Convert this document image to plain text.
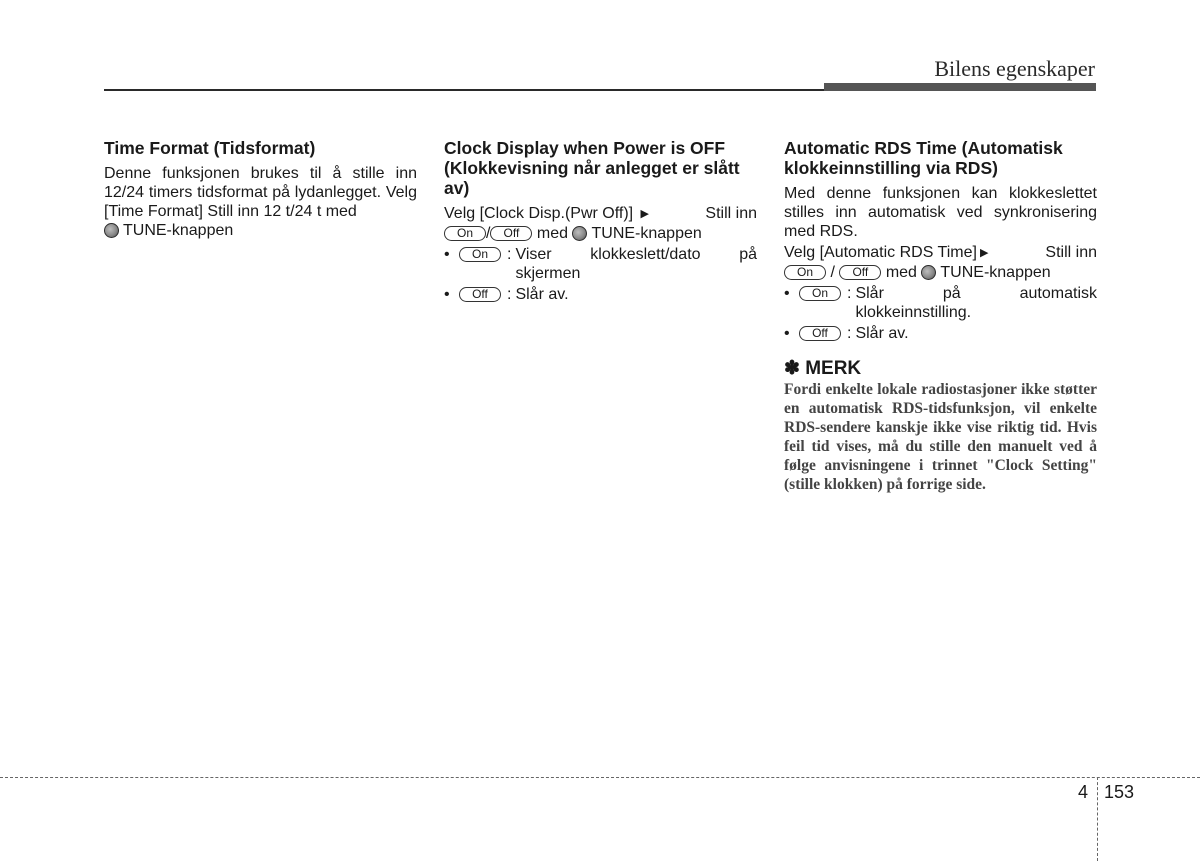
Bilens egenskaper

Time Format (Tidsformat)

Denne funksjonen brukes til å stille inn 12/24 timers tidsformat på lydanlegget. Velg [Time Format] Still inn 12 t/24 t med
TUNE-knappen

Clock Display when Power is OFF (Klokkevisning når anlegget er slått av)

Velg [Clock Disp.(Pwr Off)] ▶	Still inn

On / Off med TUNE-knappen

•	On	: Viser klokkeslett/dato på skjermen
•	Off	: Slår av.

Automatic RDS Time (Automatisk klokkeinnstilling via RDS)

Med denne funksjonen kan klokkeslettet stilles inn automatisk ved synkronisering med RDS.

Velg [Automatic RDS Time] ▶	Still inn

On / Off med TUNE-knappen

•	On	: Slår på automatisk klokkeinnstilling.
•	Off	: Slår av.
✽ MERK
Fordi enkelte lokale radiostasjoner ikke støtter en automatisk RDS-tidsfunksjon, vil enkelte RDS-sendere kanskje ikke vise riktig tid. Hvis feil tid vises, må du stille den manuelt ved å følge anvisningene i trinnet "Clock Setting" (stille klokken) på forrige side.
4 153
